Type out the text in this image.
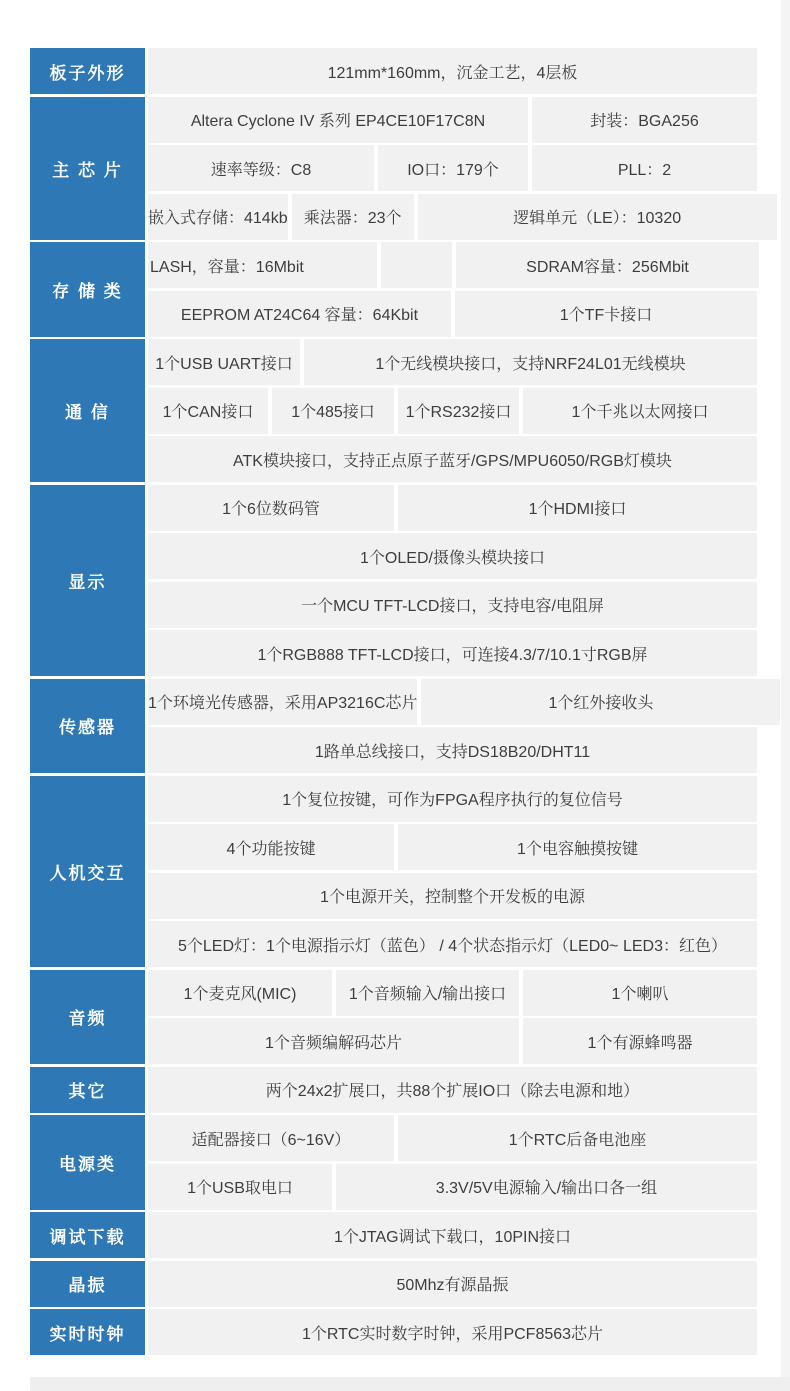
板子外形	121mm*160mm，沉金工艺，4层板
主 芯 片
Altera Cyclone IV 系列 EP4CE10F17C8N	封装：BGA256
速率等级：C8	IO口：179个	PLL：2
嵌入式存储：414kb	乘法器：23个	逻辑单元（LE）：10320
存 储 类
LASH，容量：16Mbit	SDRAM容量：256Mbit
EEPROM AT24C64 容量：64Kbit	1个TF卡接口
通 信
1个USB UART接口	1个无线模块接口，支持NRF24L01无线模块
1个CAN接口	1个485接口	1个RS232接口	1个千兆以太网接口
ATK模块接口，支持正点原子蓝牙/GPS/MPU6050/RGB灯模块
显示
1个6位数码管	1个HDMI接口
1个OLED/摄像头模块接口
一个MCU TFT-LCD接口，支持电容/电阻屏
1个RGB888 TFT-LCD接口，可连接4.3/7/10.1寸RGB屏
传感器
1个环境光传感器，采用AP3216C芯片	1个红外接收头
1路单总线接口，支持DS18B20/DHT11
人机交互
1个复位按键，可作为FPGA程序执行的复位信号
4个功能按键	1个电容触摸按键
1个电源开关，控制整个开发板的电源
5个LED灯：1个电源指示灯（蓝色） / 4个状态指示灯（LED0~ LED3：红色）
音频
1个麦克风(MIC)	1个音频输入/输出接口	1个喇叭
1个音频编解码芯片	1个有源蜂鸣器
其它	两个24x2扩展口，共88个扩展IO口（除去电源和地）
电源类
适配器接口（6~16V）	1个RTC后备电池座
1个USB取电口	3.3V/5V电源输入/输出口各一组
调试下载	1个JTAG调试下载口，10PIN接口
晶振	50Mhz有源晶振
实时时钟	1个RTC实时数字时钟，采用PCF8563芯片
